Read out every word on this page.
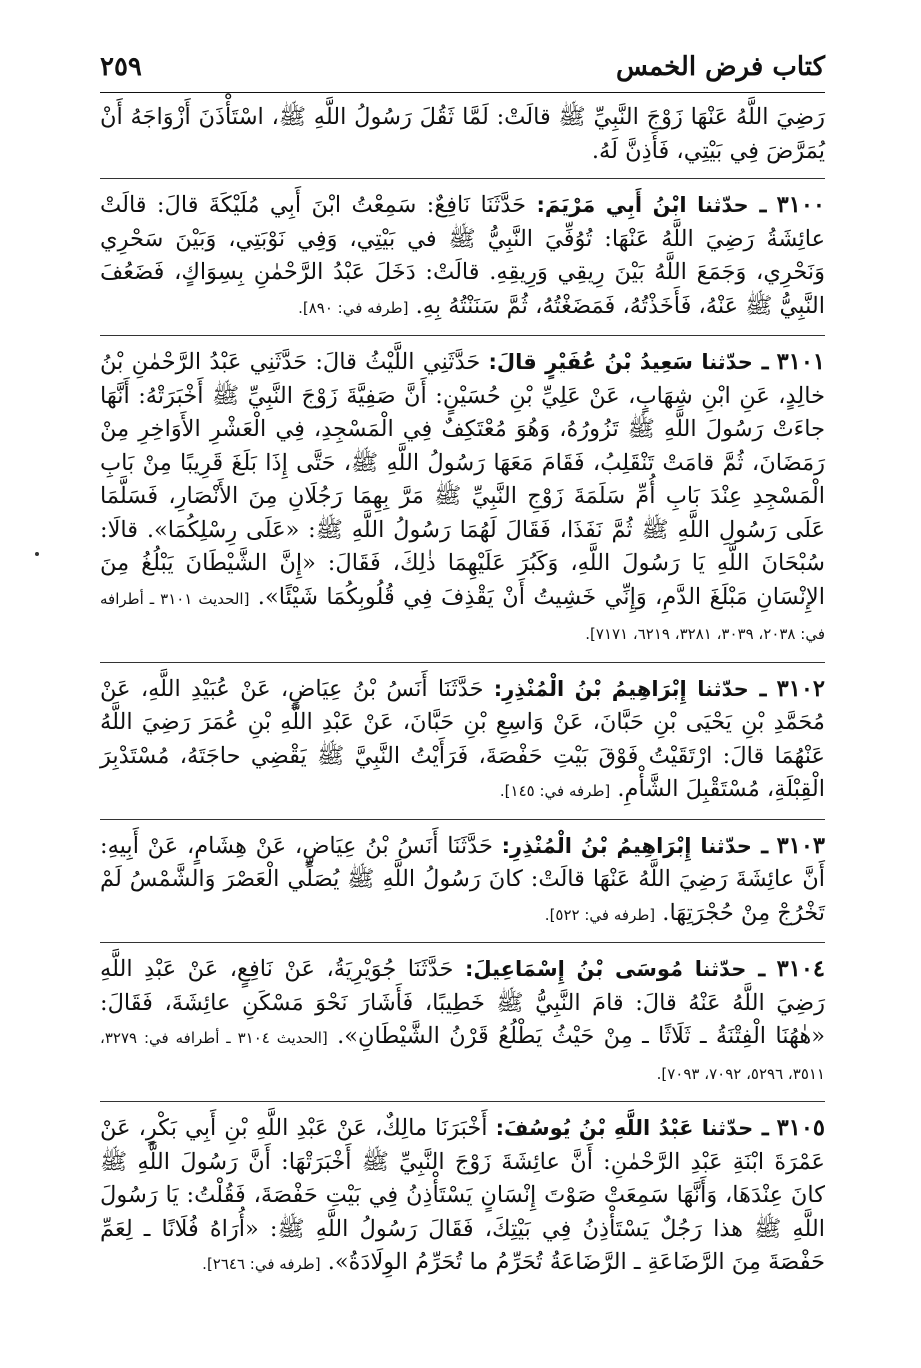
كتاب فرض الخمس
٢٥٩

رَضِيَ اللَّهُ عَنْهَا زَوْجَ النَّبِيِّ ﷺ قالَتْ: لَمَّا ثَقُلَ رَسُولُ اللَّهِ ﷺ، اسْتَأْذَنَ أَزْوَاجَهُ أَنْ يُمَرَّضَ فِي بَيْتِي، فَأَذِنَّ لَهُ.

٣١٠٠ ـ حدّثنا ابْنُ أَبِي مَرْيَمَ: حَدَّثَنَا نَافِعٌ: سَمِعْتُ ابْنَ أَبِي مُلَيْكَةَ قالَ: قالَتْ عائِشَةُ رَضِيَ اللَّهُ عَنْهَا: تُوُفِّيَ النَّبِيُّ ﷺ في بَيْتِي، وَفِي نَوْبَتِي، وَبَيْنَ سَحْرِي وَنَحْرِي، وَجَمَعَ اللَّهُ بَيْنَ رِيقِي وَرِيقِهِ. قالَتْ: دَخَلَ عَبْدُ الرَّحْمٰنِ بِسِوَاكٍ، فَضَعُفَ النَّبِيُّ ﷺ عَنْهُ، فَأَخَذْتُهُ، فَمَضَغْتُهُ، ثُمَّ سَنَنْتُهُ بِهِ. [طرفه في: ٨٩٠].

٣١٠١ ـ حدّثنا سَعِيدُ بْنُ عُفَيْرٍ قالَ: حَدَّثَنِي اللَّيْثُ قالَ: حَدَّثَنِي عَبْدُ الرَّحْمٰنِ بْنُ خالِدٍ، عَنِ ابْنِ شِهَابٍ، عَنْ عَلِيِّ بْنِ حُسَيْنٍ: أَنَّ صَفِيَّةَ زَوْجَ النَّبِيِّ ﷺ أَخْبَرَتْهُ: أَنَّهَا جاءَتْ رَسُولَ اللَّهِ ﷺ تَزُورُهُ، وَهُوَ مُعْتَكِفٌ فِي الْمَسْجِدِ، فِي الْعَشْرِ الأَوَاخِرِ مِنْ رَمَضَانَ، ثُمَّ قامَتْ تَنْقَلِبُ، فَقَامَ مَعَهَا رَسُولُ اللَّهِ ﷺ، حَتَّى إِذَا بَلَغَ قَرِيبًا مِنْ بَابِ الْمَسْجِدِ عِنْدَ بَابِ أُمِّ سَلَمَةَ زَوْجِ النَّبِيِّ ﷺ مَرَّ بِهِمَا رَجُلَانِ مِنَ الأَنْصَارِ، فَسَلَّمَا عَلَى رَسُولِ اللَّهِ ﷺ ثُمَّ نَفَذَا، فَقَالَ لَهُمَا رَسُولُ اللَّهِ ﷺ: «عَلَى رِسْلِكُمَا». قالَا: سُبْحَانَ اللَّهِ يَا رَسُولَ اللَّهِ، وَكَبُرَ عَلَيْهِمَا ذٰلِكَ، فَقَالَ: «إِنَّ الشَّيْطَانَ يَبْلُغُ مِنَ الإِنْسَانِ مَبْلَغَ الدَّمِ، وَإِنِّي خَشِيتُ أَنْ يَقْذِفَ فِي قُلُوبِكُمَا شَيْئًا». [الحديث ٣١٠١ ـ أطرافه في: ٢٠٣٨، ٣٠٣٩، ٣٢٨١، ٦٢١٩، ٧١٧١].

٣١٠٢ ـ حدّثنا إِبْرَاهِيمُ بْنُ الْمُنْذِرِ: حَدَّثَنَا أَنَسُ بْنُ عِيَاضٍ، عَنْ عُبَيْدِ اللَّهِ، عَنْ مُحَمَّدِ بْنِ يَحْيَى بْنِ حَبَّانَ، عَنْ وَاسِعِ بْنِ حَبَّانَ، عَنْ عَبْدِ اللَّهِ بْنِ عُمَرَ رَضِيَ اللَّهُ عَنْهُمَا قالَ: ارْتَقَيْتُ فَوْقَ بَيْتِ حَفْصَةَ، فَرَأَيْتُ النَّبِيَّ ﷺ يَقْضِي حاجَتَهُ، مُسْتَدْبِرَ الْقِبْلَةِ، مُسْتَقْبِلَ الشَّأْمِ. [طرفه في: ١٤٥].

٣١٠٣ ـ حدّثنا إِبْرَاهِيمُ بْنُ الْمُنْذِرِ: حَدَّثَنَا أَنَسُ بْنُ عِيَاضٍ، عَنْ هِشَامٍ، عَنْ أَبِيهِ: أَنَّ عائِشَةَ رَضِيَ اللَّهُ عَنْهَا قالَتْ: كانَ رَسُولُ اللَّهِ ﷺ يُصَلِّي الْعَصْرَ وَالشَّمْسُ لَمْ تَخْرُجْ مِنْ حُجْرَتِهَا. [طرفه في: ٥٢٢].

٣١٠٤ ـ حدّثنا مُوسَى بْنُ إِسْمَاعِيلَ: حَدَّثَنَا جُوَيْرِيَةُ، عَنْ نَافِعٍ، عَنْ عَبْدِ اللَّهِ رَضِيَ اللَّهُ عَنْهُ قالَ: قامَ النَّبِيُّ ﷺ خَطِيبًا، فَأَشَارَ نَحْوَ مَسْكَنِ عائِشَةَ، فَقَالَ: «هٰهُنَا الْفِتْنَةُ ـ ثَلَاثًا ـ مِنْ حَيْثُ يَطْلُعُ قَرْنُ الشَّيْطَانِ». [الحديث ٣١٠٤ ـ أطرافه في: ٣٢٧٩، ٣٥١١، ٥٢٩٦، ٧٠٩٢، ٧٠٩٣].

٣١٠٥ ـ حدّثنا عَبْدُ اللَّهِ بْنُ يُوسُفَ: أَخْبَرَنَا مالِكٌ، عَنْ عَبْدِ اللَّهِ بْنِ أَبِي بَكْرٍ، عَنْ عَمْرَةَ ابْنَةِ عَبْدِ الرَّحْمٰنِ: أَنَّ عائِشَةَ زَوْجَ النَّبِيِّ ﷺ أَخْبَرَتْهَا: أَنَّ رَسُولَ اللَّهِ ﷺ كانَ عِنْدَهَا، وَأَنَّهَا سَمِعَتْ صَوْتَ إِنْسَانٍ يَسْتَأْذِنُ فِي بَيْتِ حَفْصَةَ، فَقُلْتُ: يَا رَسُولَ اللَّهِ ﷺ هذا رَجُلٌ يَسْتَأْذِنُ فِي بَيْتِكَ، فَقَالَ رَسُولُ اللَّهِ ﷺ: «أُرَاهُ فُلَانًا ـ لِعَمِّ حَفْصَةَ مِنَ الرَّضَاعَةِ ـ الرَّضَاعَةُ تُحَرِّمُ ما تُحَرِّمُ الوِلَادَةُ». [طرفه في: ٢٦٤٦].
